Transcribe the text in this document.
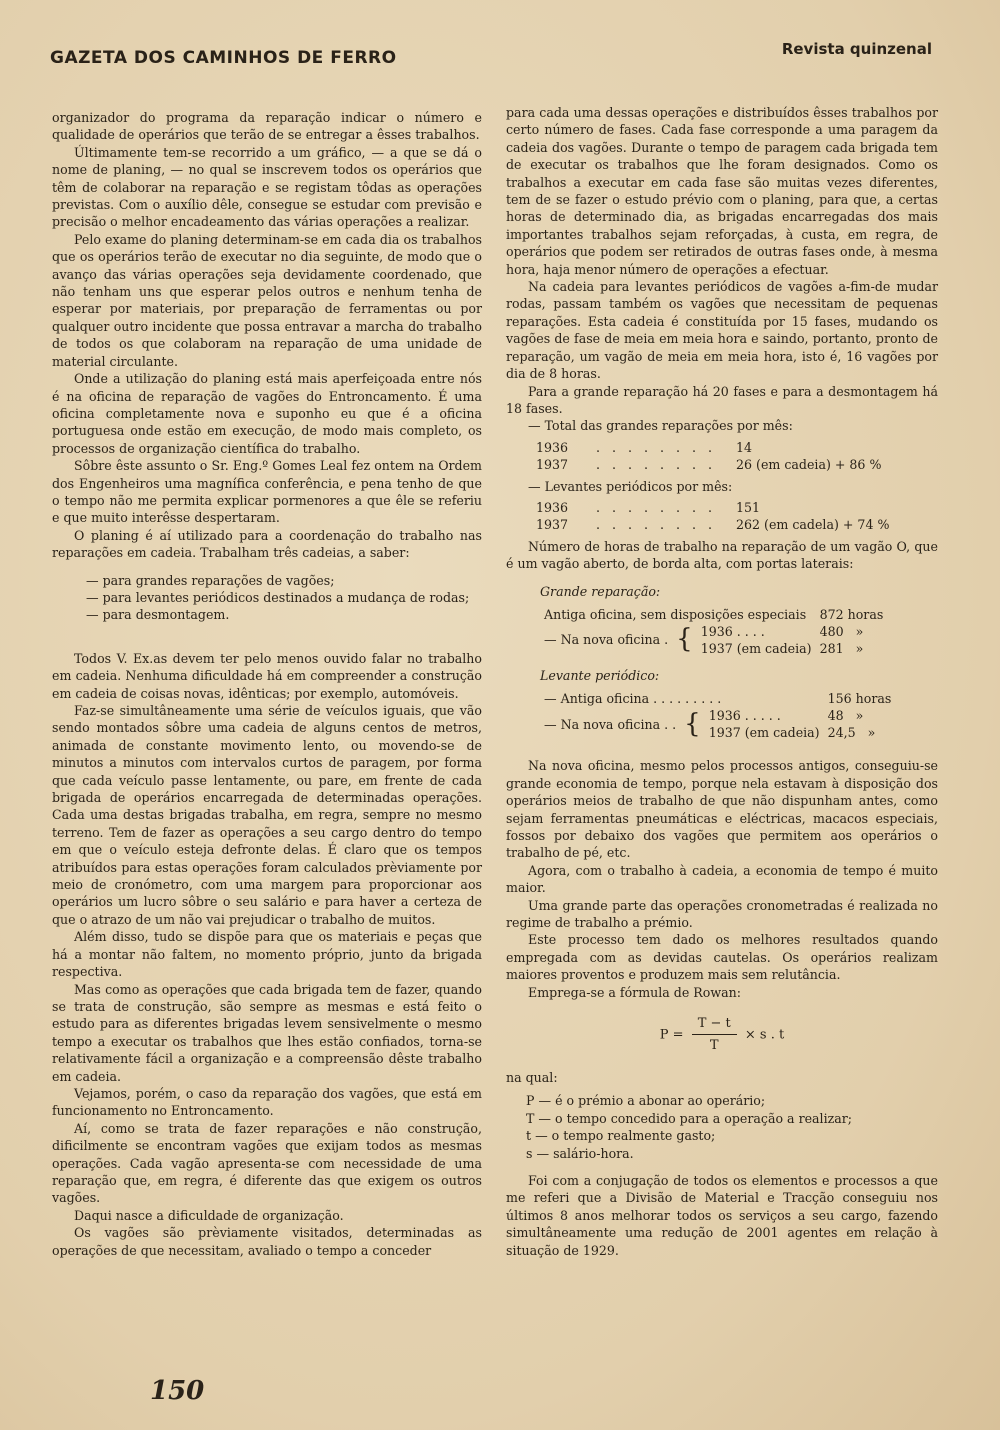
GAZETA DOS CAMINHOS DE FERRO	Revista quinzenal

organizador do programa da reparação indicar o número e qualidade de operários que terão de se entregar a êsses trabalhos.

Últimamente tem-se recorrido a um gráfico, — a que se dá o nome de planing, — no qual se inscrevem todos os operários que têm de colaborar na reparação e se registam tôdas as operações previstas. Com o auxílio dêle, consegue se estudar com previsão e precisão o melhor encadeamento das várias operações a realizar.

Pelo exame do planing determinam-se em cada dia os trabalhos que os operários terão de executar no dia seguinte, de modo que o avanço das várias operações seja devidamente coordenado, que não tenham uns que esperar pelos outros e nenhum tenha de esperar por materiais, por preparação de ferramentas ou por qualquer outro incidente que possa entravar a marcha do trabalho de todos os que colaboram na reparação de uma unidade de material circulante.

Onde a utilização do planing está mais aperfeiçoada entre nós é na oficina de reparação de vagões do Entroncamento. É uma oficina completamente nova e suponho eu que é a oficina portuguesa onde estão em execução, de modo mais completo, os processos de organização científica do trabalho.

Sôbre êste assunto o Sr. Eng.º Gomes Leal fez ontem na Ordem dos Engenheiros uma magnífica conferência, e pena tenho de que o tempo não me permita explicar pormenores a que êle se referiu e que muito interêsse despertaram.

O planing é aí utilizado para a coordenação do trabalho nas reparações em cadeia. Trabalham três cadeias, a saber:

— para grandes reparações de vagões;
— para levantes periódicos destinados a mudança de rodas;
— para desmontagem.

Todos V. Ex.as devem ter pelo menos ouvido falar no trabalho em cadeia. Nenhuma dificuldade há em compreender a construção em cadeia de coisas novas, idênticas; por exemplo, automóveis.

Faz-se simultâneamente uma série de veículos iguais, que vão sendo montados sôbre uma cadeia de alguns centos de metros, animada de constante movimento lento, ou movendo-se de minutos a minutos com intervalos curtos de paragem, por forma que cada veículo passe lentamente, ou pare, em frente de cada brigada de operários encarregada de determinadas operações. Cada uma destas brigadas trabalha, em regra, sempre no mesmo terreno. Tem de fazer as operações a seu cargo dentro do tempo em que o veículo esteja defronte delas. É claro que os tempos atribuídos para estas operações foram calculados prèviamente por meio de cronómetro, com uma margem para proporcionar aos operários um lucro sôbre o seu salário e para haver a certeza de que o atrazo de um não vai prejudicar o trabalho de muitos.

Além disso, tudo se dispõe para que os materiais e peças que há a montar não faltem, no momento próprio, junto da brigada respectiva.

Mas como as operações que cada brigada tem de fazer, quando se trata de construção, são sempre as mesmas e está feito o estudo para as diferentes brigadas levem sensivelmente o mesmo tempo a executar os trabalhos que lhes estão confiados, torna-se relativamente fácil a organização e a compreensão dêste trabalho em cadeia.

Vejamos, porém, o caso da reparação dos vagões, que está em funcionamento no Entroncamento.

Aí, como se trata de fazer reparações e não construção, dificilmente se encontram vagões que exijam todos as mesmas operações. Cada vagão apresenta-se com necessidade de uma reparação que, em regra, é diferente das que exigem os outros vagões.

Daqui nasce a dificuldade de organização.

Os vagões são prèviamente visitados, determinadas as operações de que necessitam, avaliado o tempo a conceder

para cada uma dessas operações e distribuídos êsses trabalhos por certo número de fases. Cada fase corresponde a uma paragem da cadeia dos vagões. Durante o tempo de paragem cada brigada tem de executar os trabalhos que lhe foram designados. Como os trabalhos a executar em cada fase são muitas vezes diferentes, tem de se fazer o estudo prévio com o planing, para que, a certas horas de determinado dia, as brigadas encarregadas dos mais importantes trabalhos sejam reforçadas, à custa, em regra, de operários que podem ser retirados de outras fases onde, à mesma hora, haja menor número de operações a efectuar.

Na cadeia para levantes periódicos de vagões a-fim-de mudar rodas, passam também os vagões que necessitam de pequenas reparações. Esta cadeia é constituída por 15 fases, mudando os vagões de fase de meia em meia hora e saindo, portanto, pronto de reparação, um vagão de meia em meia hora, isto é, 16 vagões por dia de 8 horas.

Para a grande reparação há 20 fases e para a desmontagem há 18 fases.

— Total das grandes reparações por mês:

1936	. . . . . . . .	14
1937	. . . . . . . .	26 (em cadeia) + 86 %

— Levantes periódicos por mês:

1936	. . . . . . . .	151
1937	. . . . . . . .	262 (em cadela) + 74 %

Número de horas de trabalho na reparação de um vagão O, que é um vagão aberto, de borda alta, com portas laterais:

Grande reparação:
Antiga oficina, sem disposições especiais			872 horas
— Na nova oficina .	{	1936 . . . .	480 »
		1937 (em cadeia)	281 »
Levante periódico:
— Antiga oficina . . . . . . . . .			156 horas
— Na nova oficina . .	{	1936 . . . . .	48 »
		1937 (em cadeia)	24,5 »

Na nova oficina, mesmo pelos processos antigos, conseguiu-se grande economia de tempo, porque nela estavam à disposição dos operários meios de trabalho de que não dispunham antes, como sejam ferramentas pneumáticas e eléctricas, macacos especiais, fossos por debaixo dos vagões que permitem aos operários o trabalho de pé, etc.

Agora, com o trabalho à cadeia, a economia de tempo é muito maior.

Uma grande parte das operações cronometradas é realizada no regime de trabalho a prémio.

Este processo tem dado os melhores resultados quando empregada com as devidas cautelas. Os operários realizam maiores proventos e produzem mais sem relutância.

Emprega-se a fórmula de Rowan:

$P = \frac{T - t}{T} \times s$ . t

na qual:

P — é o prémio a abonar ao operário;
T — o tempo concedido para a operação a realizar;
t — o tempo realmente gasto;
s — salário-hora.

Foi com a conjugação de todos os elementos e processos a que me referi que a Divisão de Material e Tracção conseguiu nos últimos 8 anos melhorar todos os serviços a seu cargo, fazendo simultâneamente uma redução de 2001 agentes em relação à situação de 1929.

150
